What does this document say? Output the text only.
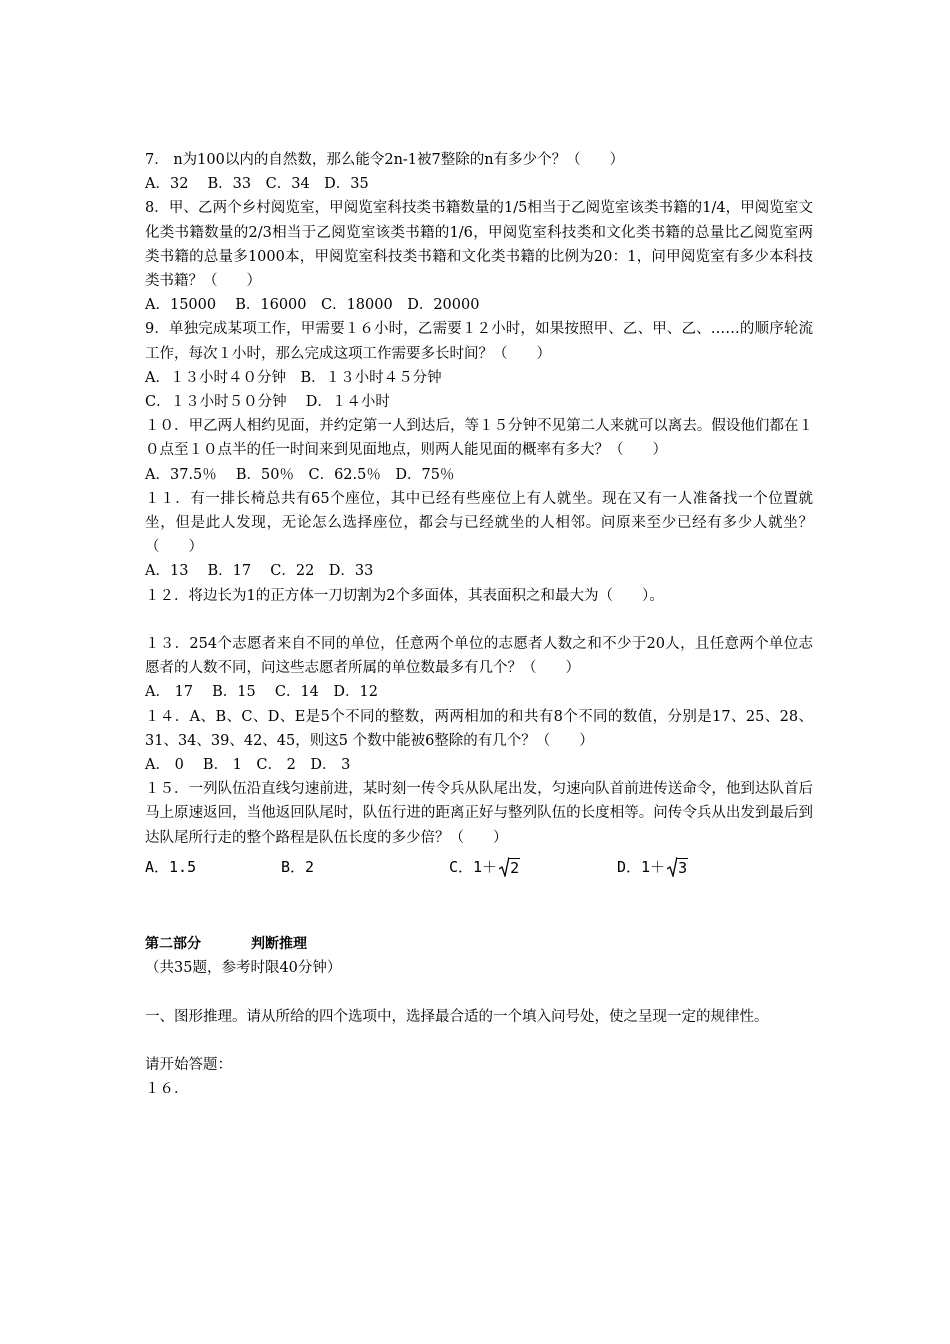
7． n为100以内的自然数，那么能令2n-1被7整除的n有多少个？（　　）
A．32　 B．33　C．34　D．35
8．甲、乙两个乡村阅览室，甲阅览室科技类书籍数量的1/5相当于乙阅览室该类书籍的1/4，甲阅览室文化类书籍数量的2/3相当于乙阅览室该类书籍的1/6，甲阅览室科技类和文化类书籍的总量比乙阅览室两类书籍的总量多1000本，甲阅览室科技类书籍和文化类书籍的比例为20：1，问甲阅览室有多少本科技类书籍？（　　）
A．15000　 B．16000　C．18000　D．20000
9．单独完成某项工作，甲需要１６小时，乙需要１２小时，如果按照甲、乙、甲、乙、……的顺序轮流工作，每次１小时，那么完成这项工作需要多长时间？（　　）
A．１３小时４０分钟　B．１３小时４５分钟
C．１３小时５０分钟　 D．１４小时
１０．甲乙两人相约见面，并约定第一人到达后，等１５分钟不见第二人来就可以离去。假设他们都在１０点至１０点半的任一时间来到见面地点，则两人能见面的概率有多大？（　　）
A．37.5％　 B．50％　C．62.5％　D．75％
１１．有一排长椅总共有65个座位，其中已经有些座位上有人就坐。现在又有一人准备找一个位置就坐，但是此人发现，无论怎么选择座位，都会与已经就坐的人相邻。问原来至少已经有多少人就坐？（　　）
A．13　 B．17　 C．22　D．33
１２．将边长为1的正方体一刀切割为2个多面体，其表面积之和最大为（　　）。
１３．254个志愿者来自不同的单位，任意两个单位的志愿者人数之和不少于20人，且任意两个单位志愿者的人数不同，问这些志愿者所属的单位数最多有几个？（　　）
A． 17　 B．15　 C．14　D．12
１４．A、B、C、D、E是5个不同的整数，两两相加的和共有8个不同的数值，分别是17、25、28、31、34、39、42、45，则这5 个数中能被6整除的有几个？（　　）
A． 0　 B． 1　C． 2　D． 3
１５．一列队伍沿直线匀速前进，某时刻一传令兵从队尾出发，匀速向队首前进传送命令，他到达队首后马上原速返回，当他返回队尾时，队伍行进的距离正好与整列队伍的长度相等。问传令兵从出发到最后到达队尾所行走的整个路程是队伍长度的多少倍？（　　）
A．1.5	B．2	C．1＋ 2	D．1＋ 3
第二部分	判断推理
（共35题，参考时限40分钟）
一、图形推理。请从所给的四个选项中，选择最合适的一个填入问号处，使之呈现一定的规律性。
请开始答题：
１６．
